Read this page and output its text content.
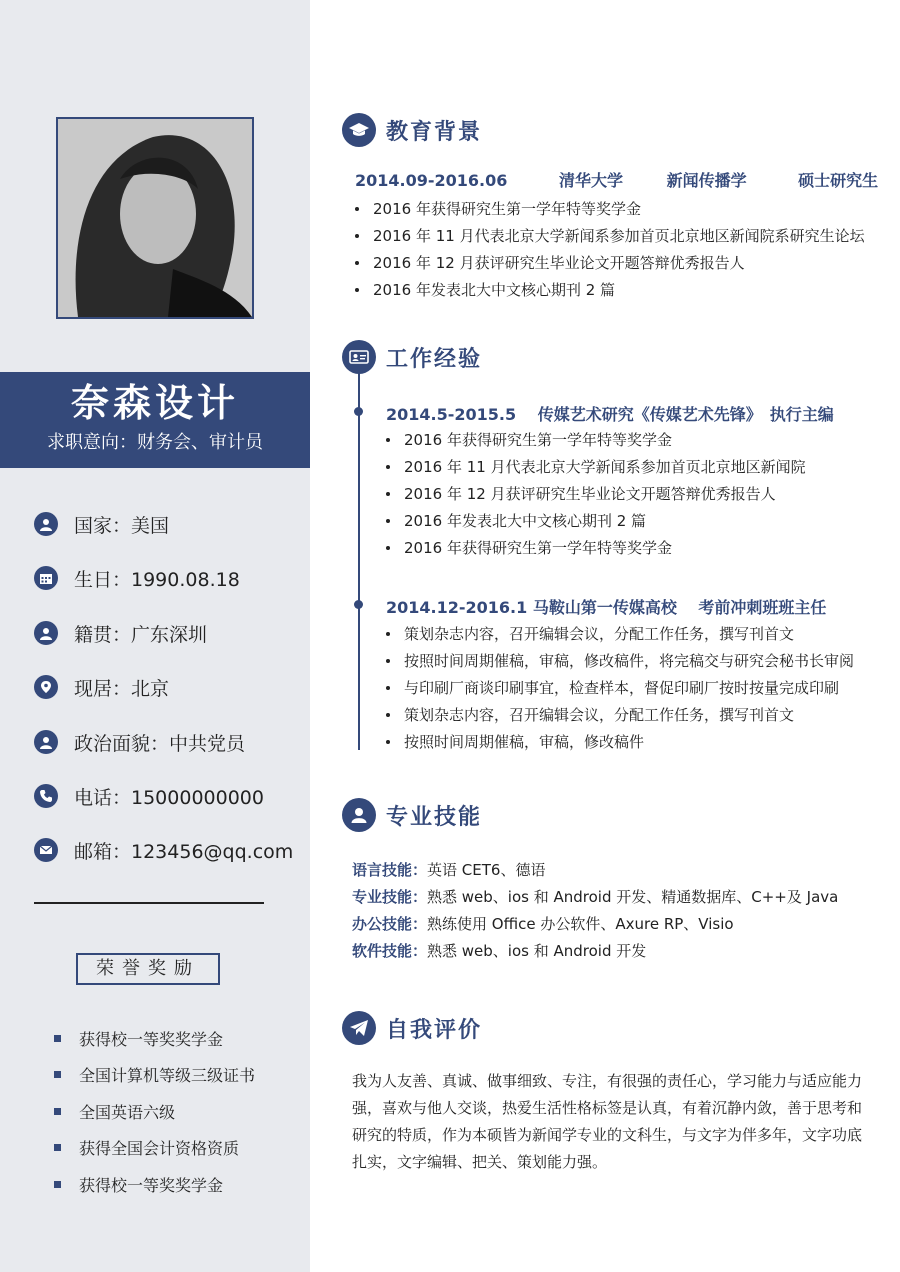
奈森设计
求职意向：财务会、审计员
国家：美国
生日：1990.08.18
籍贯：广东深圳
现居：北京
政治面貌：中共党员
电话：15000000000
邮箱：123456@qq.com
荣誉奖励
获得校一等奖奖学金
全国计算机等级三级证书
全国英语六级
获得全国会计资格资质
获得校一等奖奖学金
教育背景
2014.09-2016.06	清华大学	新闻传播学	硕士研究生
2016 年获得研究生第一学年特等奖学金
2016 年 11 月代表北京大学新闻系参加首页北京地区新闻院系研究生论坛
2016 年 12 月获评研究生毕业论文开题答辩优秀报告人
2016 年发表北大中文核心期刊 2 篇
工作经验
2014.5-2015.5　 传媒艺术研究《传媒艺术先锋》　执行主编
2016 年获得研究生第一学年特等奖学金
2016 年 11 月代表北京大学新闻系参加首页北京地区新闻院
2016 年 12 月获评研究生毕业论文开题答辩优秀报告人
2016 年发表北大中文核心期刊 2 篇
2016 年获得研究生第一学年特等奖学金
2014.12-2016.1 马鞍山第一传媒高校　 考前冲刺班班主任
策划杂志内容，召开编辑会议，分配工作任务，撰写刊首文
按照时间周期催稿，审稿，修改稿件，将完稿交与研究会秘书长审阅
与印刷厂商谈印刷事宜，检查样本，督促印刷厂按时按量完成印刷
策划杂志内容，召开编辑会议，分配工作任务，撰写刊首文
按照时间周期催稿，审稿，修改稿件
专业技能
语言技能： 英语 CET6、德语
专业技能： 熟悉 web、ios 和 Android 开发、精通数据库、C++及 Java
办公技能： 熟练使用 Office 办公软件、Axure RP、Visio
软件技能： 熟悉 web、ios 和 Android 开发
自我评价
我为人友善、真诚、做事细致、专注，有很强的责任心，学习能力与适应能力强，喜欢与他人交谈，热爱生活性格标签是认真，有着沉静内敛，善于思考和研究的特质，作为本硕皆为新闻学专业的文科生，与文字为伴多年，文字功底扎实，文字编辑、把关、策划能力强。
